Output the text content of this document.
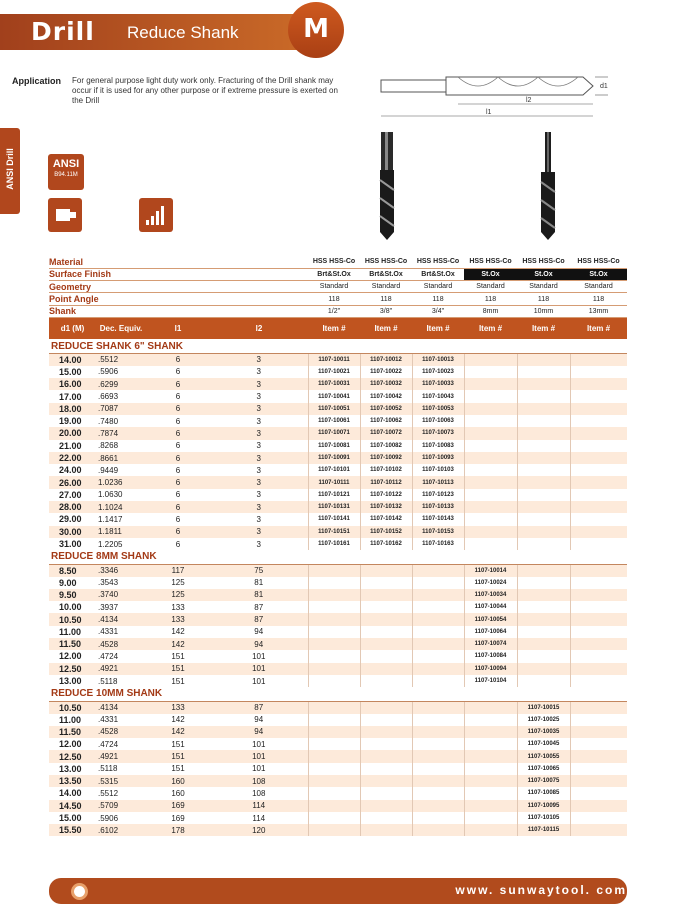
Drill Reduce Shank	M
Application For general purpose light duty work only. Fracturing of the Drill shank may occur if it is used for any other purpose or if extreme pressure is exerted on the Drill
d1
l2
l1
ANSI Drill	ANSI
B94.11M
Material				HSS HSS-Co	HSS HSS-Co	HSS HSS-Co	HSS HSS-Co	HSS HSS-Co	HSS HSS-Co
Surface Finish				Brt&St.Ox	Brt&St.Ox	Brt&St.Ox	St.Ox	St.Ox	St.Ox
Geometry				Standard	Standard	Standard	Standard	Standard	Standard
Point Angle				118	118	118	118	118	118
Shank				1/2"	3/8"	3/4"	8mm	10mm	13mm
d1 (M)	Dec. Equiv.	l1	l2	Item #	Item #	Item #	Item #	Item #	Item #
REDUCE SHANK 6" SHANK									
14.00	.5512	6	3	1107-10011	1107-10012	1107-10013			
15.00	.5906	6	3	1107-10021	1107-10022	1107-10023			
16.00	.6299	6	3	1107-10031	1107-10032	1107-10033			
17.00	.6693	6	3	1107-10041	1107-10042	1107-10043			
18.00	.7087	6	3	1107-10051	1107-10052	1107-10053			
19.00	.7480	6	3	1107-10061	1107-10062	1107-10063			
20.00	.7874	6	3	1107-10071	1107-10072	1107-10073			
21.00	.8268	6	3	1107-10081	1107-10082	1107-10083			
22.00	.8661	6	3	1107-10091	1107-10092	1107-10093			
24.00	.9449	6	3	1107-10101	1107-10102	1107-10103			
26.00	1.0236	6	3	1107-10111	1107-10112	1107-10113			
27.00	1.0630	6	3	1107-10121	1107-10122	1107-10123			
28.00	1.1024	6	3	1107-10131	1107-10132	1107-10133			
29.00	1.1417	6	3	1107-10141	1107-10142	1107-10143			
30.00	1.1811	6	3	1107-10151	1107-10152	1107-10153			
31.00	1.2205	6	3	1107-10161	1107-10162	1107-10163			
REDUCE 8MM SHANK									
8.50	.3346	117	75				1107-10014		
9.00	.3543	125	81				1107-10024		
9.50	.3740	125	81				1107-10034		
10.00	.3937	133	87				1107-10044		
10.50	.4134	133	87				1107-10054		
11.00	.4331	142	94				1107-10064		
11.50	.4528	142	94				1107-10074		
12.00	.4724	151	101				1107-10084		
12.50	.4921	151	101				1107-10094		
13.00	.5118	151	101				1107-10104		
REDUCE 10MM SHANK									
10.50	.4134	133	87					1107-10015	
11.00	.4331	142	94					1107-10025	
11.50	.4528	142	94					1107-10035	
12.00	.4724	151	101					1107-10045	
12.50	.4921	151	101					1107-10055	
13.00	.5118	151	101					1107-10065	
13.50	.5315	160	108					1107-10075	
14.00	.5512	160	108					1107-10085	
14.50	.5709	169	114					1107-10095	
15.00	.5906	169	114					1107-10105	
15.50	.6102	178	120					1107-10115	
www. sunwaytool. com
